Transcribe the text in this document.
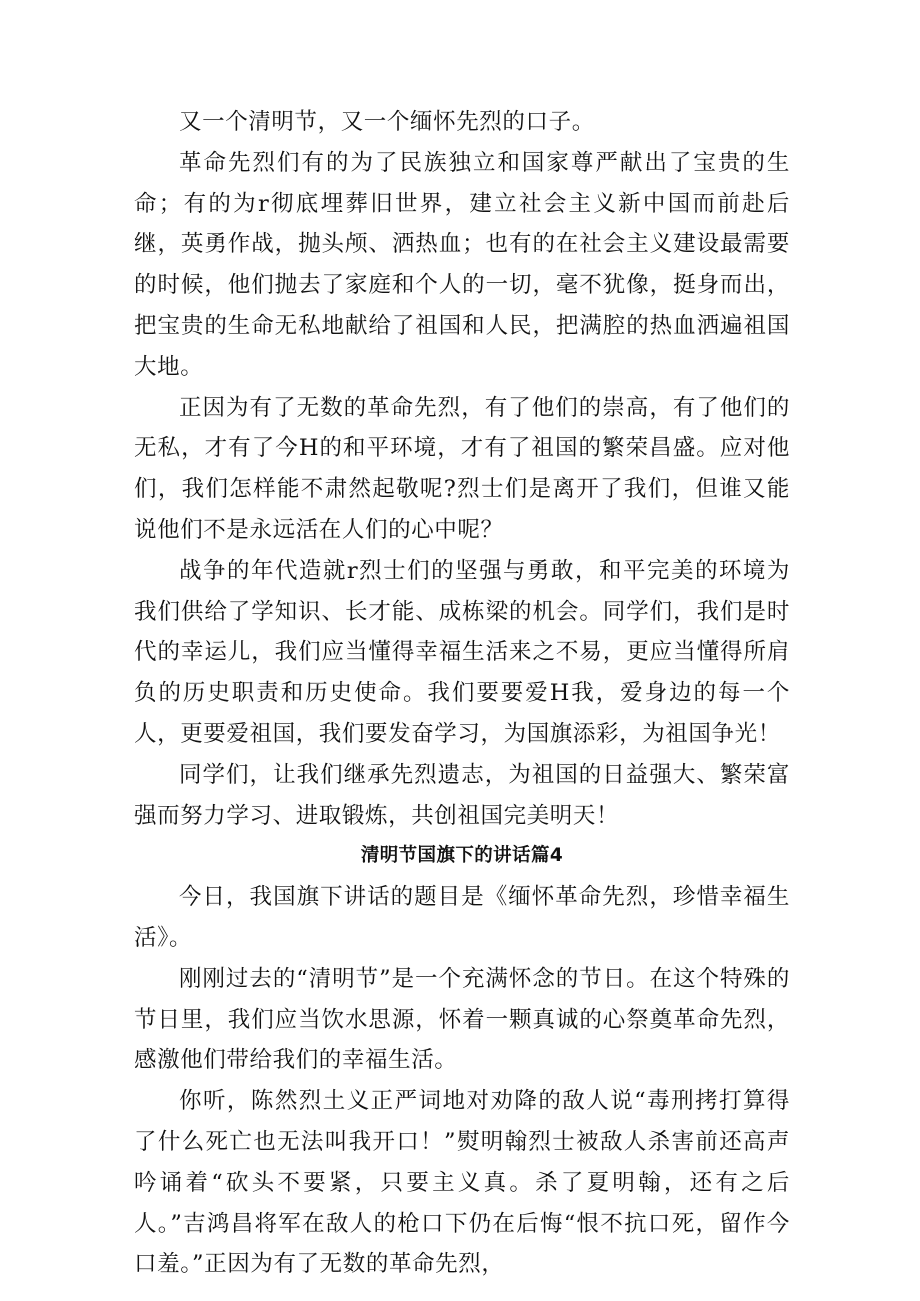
又一个清明节，又一个缅怀先烈的口子。

革命先烈们有的为了民族独立和国家尊严献出了宝贵的生命；有的为r彻底埋葬旧世界，建立社会主义新中国而前赴后继，英勇作战，抛头颅、洒热血；也有的在社会主义建设最需要的时候，他们抛去了家庭和个人的一切，毫不犹像，挺身而出，把宝贵的生命无私地献给了祖国和人民，把满腔的热血洒遍祖国大地。

正因为有了无数的革命先烈，有了他们的崇高，有了他们的无私，才有了今H的和平环境，才有了祖国的繁荣昌盛。应对他们，我们怎样能不肃然起敬呢?烈士们是离开了我们，但谁又能说他们不是永远活在人们的心中呢？

战争的年代造就r烈士们的坚强与勇敢，和平完美的环境为我们供给了学知识、长才能、成栋梁的机会。同学们，我们是时代的幸运儿，我们应当懂得幸福生活来之不易，更应当懂得所肩负的历史职责和历史使命。我们要要爱H我，爱身边的每一个人，更要爱祖国，我们要发奋学习，为国旗添彩，为祖国争光！

同学们，让我们继承先烈遗志，为祖国的日益强大、繁荣富强而努力学习、进取锻炼，共创祖国完美明天！

清明节国旗下的讲话篇4

今日，我国旗下讲话的题目是《缅怀革命先烈，珍惜幸福生活》。

刚刚过去的“清明节”是一个充满怀念的节日。在这个特殊的节日里，我们应当饮水思源，怀着一颗真诚的心祭奠革命先烈，感激他们带给我们的幸福生活。

你听，陈然烈土义正严词地对劝降的敌人说“毒刑拷打算得了什么死亡也无法叫我开口！”熨明翰烈士被敌人杀害前还高声吟诵着“砍头不要紧，只要主义真。杀了夏明翰，还有之后人。”吉鸿昌将军在敌人的枪口下仍在后悔“恨不抗口死，留作今口羞。”正因为有了无数的革命先烈，
